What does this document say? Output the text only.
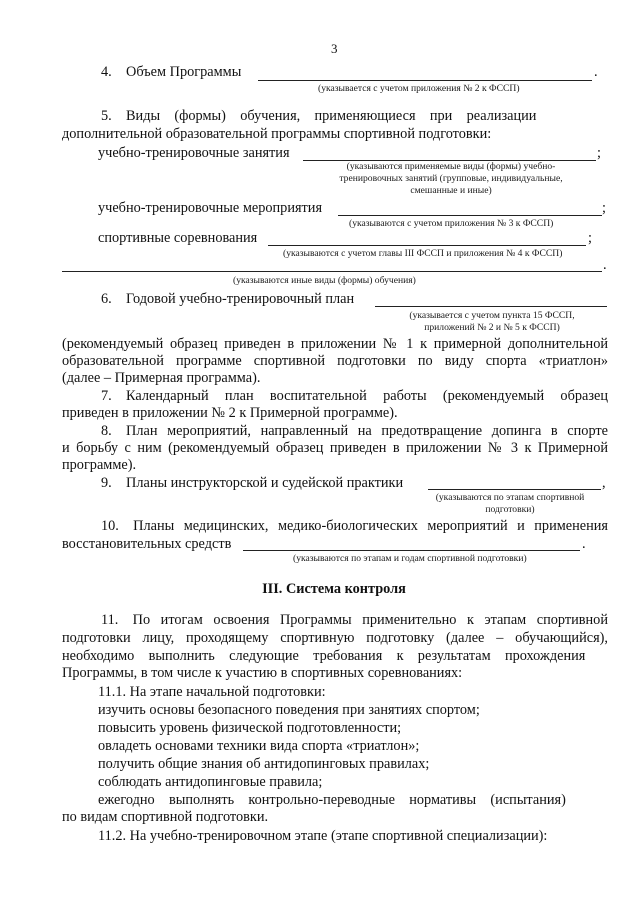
3
4. Объем Программы	.
(указывается с учетом приложения № 2 к ФССП)
5. Виды (формы) обучения, применяющиеся при реализации
дополнительной образовательной программы спортивной подготовки:
учебно-тренировочные занятия	;
(указываются применяемые виды (формы) учебно-
тренировочных занятий (групповые, индивидуальные,
смешанные и иные)
учебно-тренировочные мероприятия	;
(указываются с учетом приложения № 3 к ФССП)
спортивные соревнования	;
(указываются с учетом главы III ФССП и приложения № 4 к ФССП)
.
(указываются иные виды (формы) обучения)
6. Годовой учебно-тренировочный план
(указывается с учетом пункта 15 ФССП,
приложений № 2 и № 5 к ФССП)
(рекомендуемый образец приведен в приложении № 1 к примерной дополнительной
образовательной программе спортивной подготовки по виду спорта «триатлон»
(далее – Примерная программа).
7. Календарный план воспитательной работы (рекомендуемый образец
приведен в приложении № 2 к Примерной программе).
8. План мероприятий, направленный на предотвращение допинга в спорте
и борьбу с ним (рекомендуемый образец приведен в приложении № 3 к Примерной
программе).
9. Планы инструкторской и судейской практики	,
(указываются по этапам спортивной
подготовки)
10. Планы медицинских, медико-биологических мероприятий и применения
восстановительных средств	.
(указываются по этапам и годам спортивной подготовки)
III. Система контроля
11. По итогам освоения Программы применительно к этапам спортивной
подготовки лицу, проходящему спортивную подготовку (далее – обучающийся),
необходимо выполнить следующие требования к результатам прохождения
Программы, в том числе к участию в спортивных соревнованиях:
11.1. На этапе начальной подготовки:
изучить основы безопасного поведения при занятиях спортом;
повысить уровень физической подготовленности;
овладеть основами техники вида спорта «триатлон»;
получить общие знания об антидопинговых правилах;
соблюдать антидопинговые правила;
ежегодно выполнять контрольно-переводные нормативы (испытания)
по видам спортивной подготовки.
11.2. На учебно-тренировочном этапе (этапе спортивной специализации):
